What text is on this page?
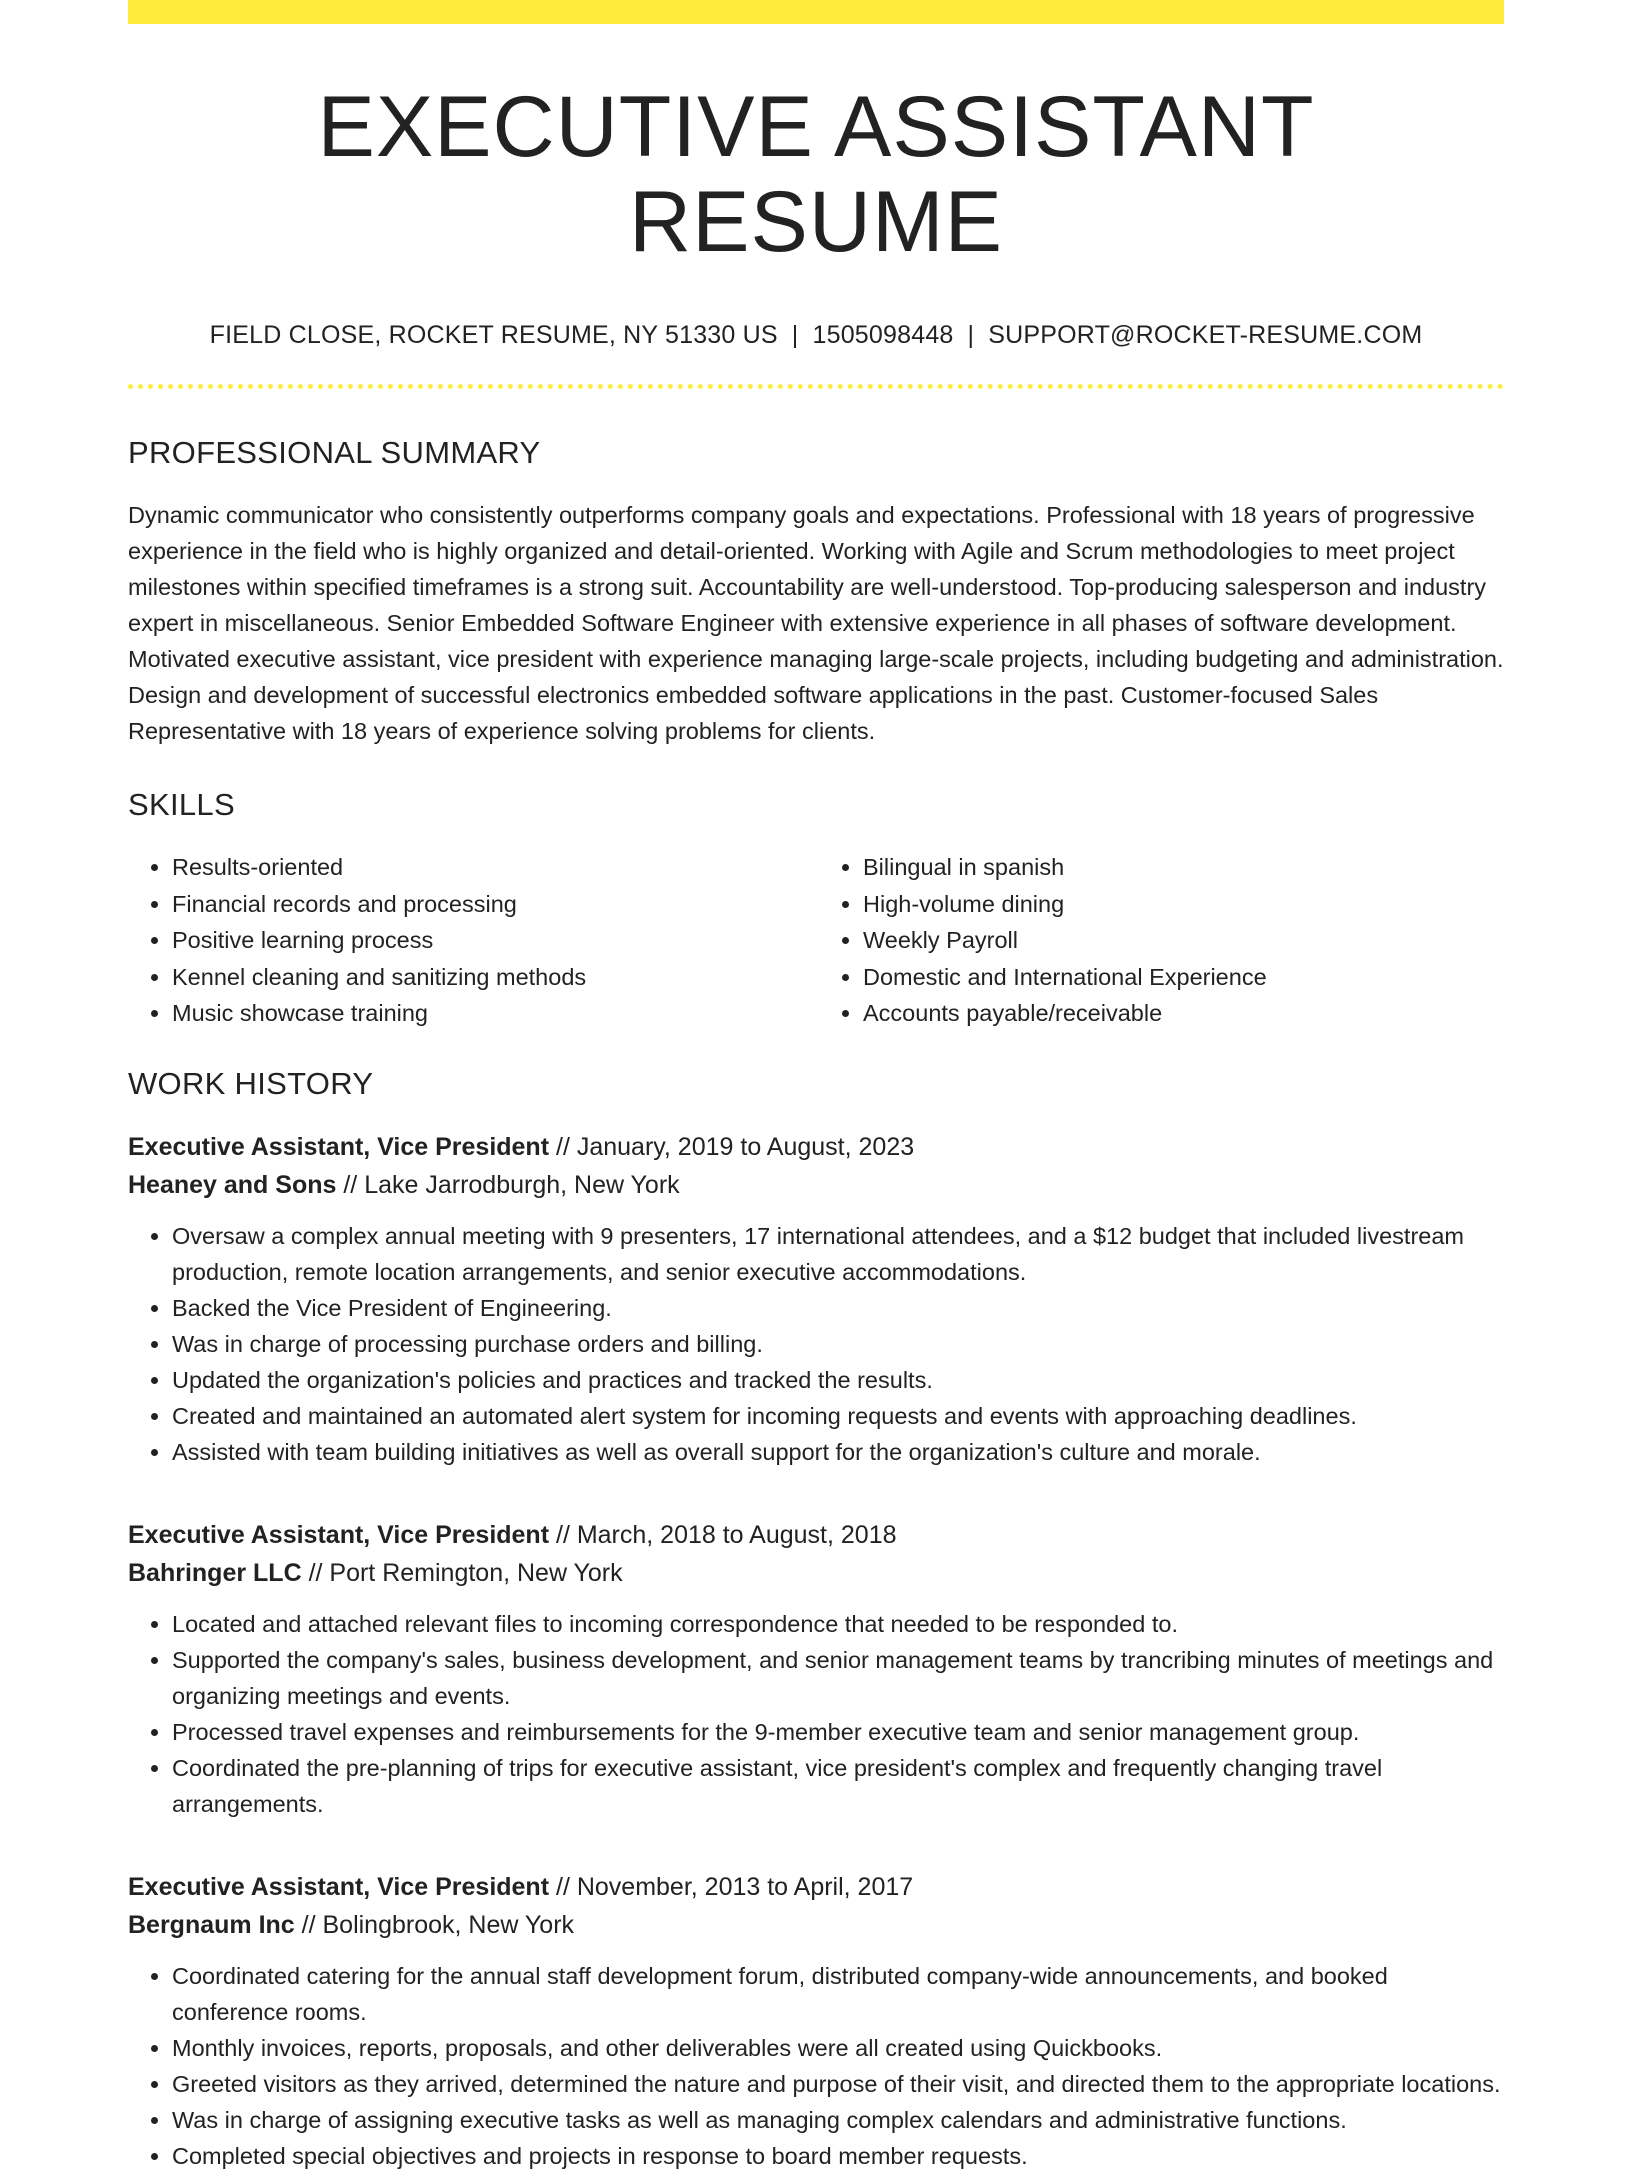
EXECUTIVE ASSISTANT RESUME
FIELD CLOSE, ROCKET RESUME, NY 51330 US | 1505098448 | SUPPORT@ROCKET-RESUME.COM
PROFESSIONAL SUMMARY

Dynamic communicator who consistently outperforms company goals and expectations. Professional with 18 years of progressive experience in the field who is highly organized and detail-oriented. Working with Agile and Scrum methodologies to meet project milestones within specified timeframes is a strong suit. Accountability are well-understood. Top-producing salesperson and industry expert in miscellaneous. Senior Embedded Software Engineer with extensive experience in all phases of software development. Motivated executive assistant, vice president with experience managing large-scale projects, including budgeting and administration. Design and development of successful electronics embedded software applications in the past. Customer-focused Sales Representative with 18 years of experience solving problems for clients.

SKILLS
• Results-oriented
• Financial records and processing
• Positive learning process
• Kennel cleaning and sanitizing methods
• Music showcase training
• Bilingual in spanish
• High-volume dining
• Weekly Payroll
• Domestic and International Experience
• Accounts payable/receivable
WORK HISTORY
Executive Assistant, Vice President // January, 2019 to August, 2023
Heaney and Sons // Lake Jarrodburgh, New York
• Oversaw a complex annual meeting with 9 presenters, 17 international attendees, and a $12 budget that included livestream production, remote location arrangements, and senior executive accommodations.
• Backed the Vice President of Engineering.
• Was in charge of processing purchase orders and billing.
• Updated the organization's policies and practices and tracked the results.
• Created and maintained an automated alert system for incoming requests and events with approaching deadlines.
• Assisted with team building initiatives as well as overall support for the organization's culture and morale.
Executive Assistant, Vice President // March, 2018 to August, 2018
Bahringer LLC // Port Remington, New York
• Located and attached relevant files to incoming correspondence that needed to be responded to.
• Supported the company's sales, business development, and senior management teams by trancribing minutes of meetings and organizing meetings and events.
• Processed travel expenses and reimbursements for the 9-member executive team and senior management group.
• Coordinated the pre-planning of trips for executive assistant, vice president's complex and frequently changing travel arrangements.
Executive Assistant, Vice President // November, 2013 to April, 2017
Bergnaum Inc // Bolingbrook, New York
• Coordinated catering for the annual staff development forum, distributed company-wide announcements, and booked conference rooms.
• Monthly invoices, reports, proposals, and other deliverables were all created using Quickbooks.
• Greeted visitors as they arrived, determined the nature and purpose of their visit, and directed them to the appropriate locations.
• Was in charge of assigning executive tasks as well as managing complex calendars and administrative functions.
• Completed special objectives and projects in response to board member requests.
